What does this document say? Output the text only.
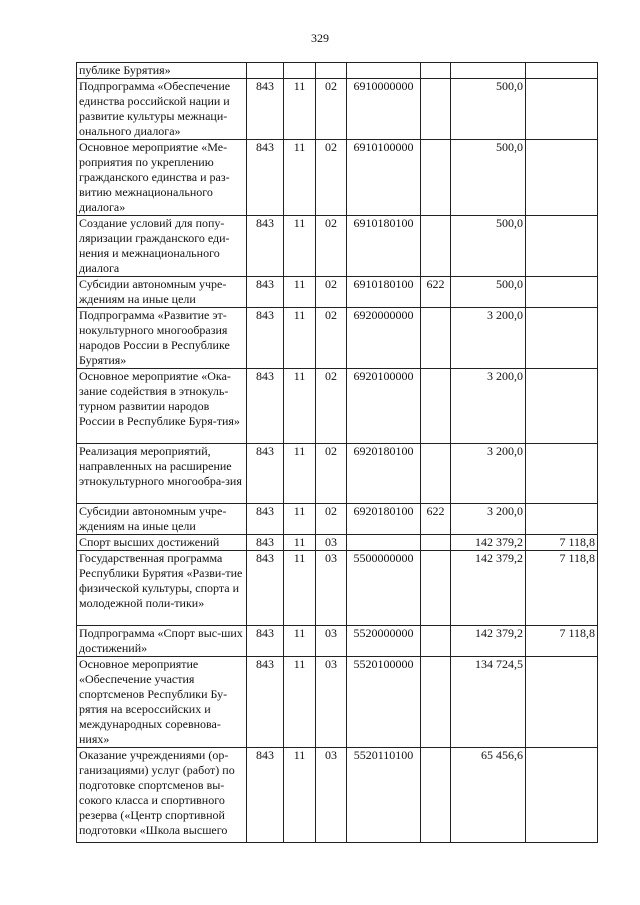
329
публике Бурятия»							
Подпрограмма «Обеспечение единства российской нации и развитие культуры межнаци-онального диалога»	843	11	02	6910000000		500,0	
Основное мероприятие «Ме-роприятия по укреплению гражданского единства и раз-витию межнационального диалога»	843	11	02	6910100000		500,0	
Создание условий для попу-ляризации гражданского еди-нения и межнационального диалога	843	11	02	6910180100		500,0	
Субсидии автономным учре-ждениям на иные цели	843	11	02	6910180100	622	500,0	
Подпрограмма «Развитие эт-нокультурного многообразия народов России в Республике Бурятия»	843	11	02	6920000000		3 200,0	
Основное мероприятие «Ока-зание содействия в этнокуль-турном развитии народов России в Республике Буря-тия»	843	11	02	6920100000		3 200,0	
Реализация мероприятий, направленных на расширение этнокультурного многообра-зия	843	11	02	6920180100		3 200,0	
Субсидии автономным учре-ждениям на иные цели	843	11	02	6920180100	622	3 200,0	
Спорт высших достижений	843	11	03			142 379,2	7 118,8
Государственная программа Республики Бурятия «Разви-тие физической культуры, спорта и молодежной поли-тики»	843	11	03	5500000000		142 379,2	7 118,8
Подпрограмма «Спорт выс-ших достижений»	843	11	03	5520000000		142 379,2	7 118,8
Основное мероприятие «Обеспечение участия спортсменов Республики Бу-рятия на всероссийских и международных соревнова-ниях»	843	11	03	5520100000		134 724,5	
Оказание учреждениями (ор-ганизациями) услуг (работ) по подготовке спортсменов вы-сокого класса и спортивного резерва («Центр спортивной подготовки «Школа высшего	843	11	03	5520110100		65 456,6	
